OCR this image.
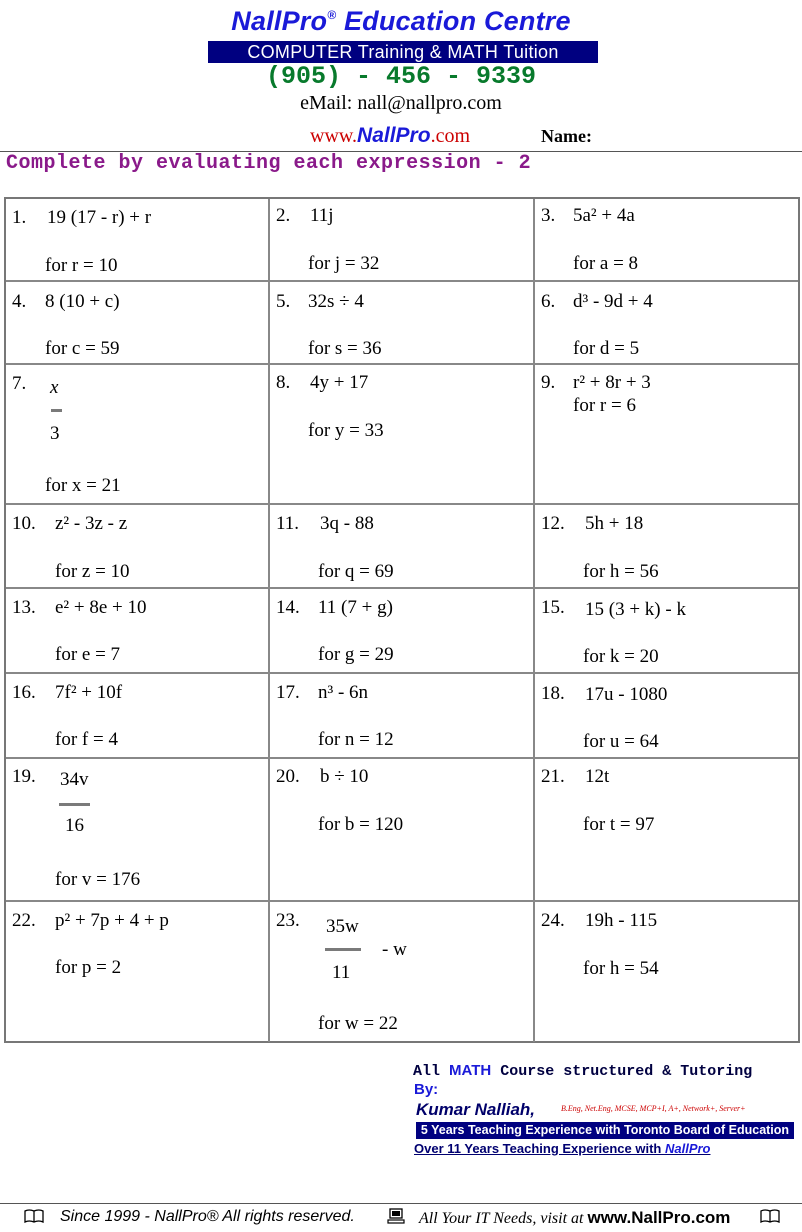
NallPro® Education Centre
COMPUTER Training & MATH Tuition
(905) - 456 - 9339
eMail: nall@nallpro.com
www.NallPro.com	Name:
Complete by evaluating each expression - 2
1. 19 (17 - r) + r
for r = 10
2. 11j
for j = 32
3. 5a² + 4a
for a = 8
4. 8 (10 + c)
for c = 59
5. 32s ÷ 4
for s = 36
6. d³ - 9d + 4
for d = 5
7. x
3
for x = 21
8. 4y + 17
for y = 33
9. r² + 8r + 3
for r = 6
10. z² - 3z - z
for z = 10
11. 3q - 88
for q = 69
12. 5h + 18
for h = 56
13. e² + 8e + 10
for e = 7
14. 11 (7 + g)
for g = 29
15. 15 (3 + k) - k
for k = 20
16. 7f² + 10f
for f = 4
17. n³ - 6n
for n = 12
18. 17u - 1080
for u = 64
19. 34v
16
for v = 176
20. b ÷ 10
for b = 120
21. 12t
for t = 97
22. p² + 7p + 4 + p
for p = 2
23. 35w
11
- w
for w = 22
24. 19h - 115
for h = 54
All MATH Course structured & Tutoring
By:
Kumar Nalliah,	B.Eng, Net.Eng, MCSE, MCP+I, A+, Network+, Server+
5 Years Teaching Experience with Toronto Board of Education
Over 11 Years Teaching Experience with NallPro
Since 1999 - NallPro® All rights reserved.	All Your IT Needs, visit at www.NallPro.com
